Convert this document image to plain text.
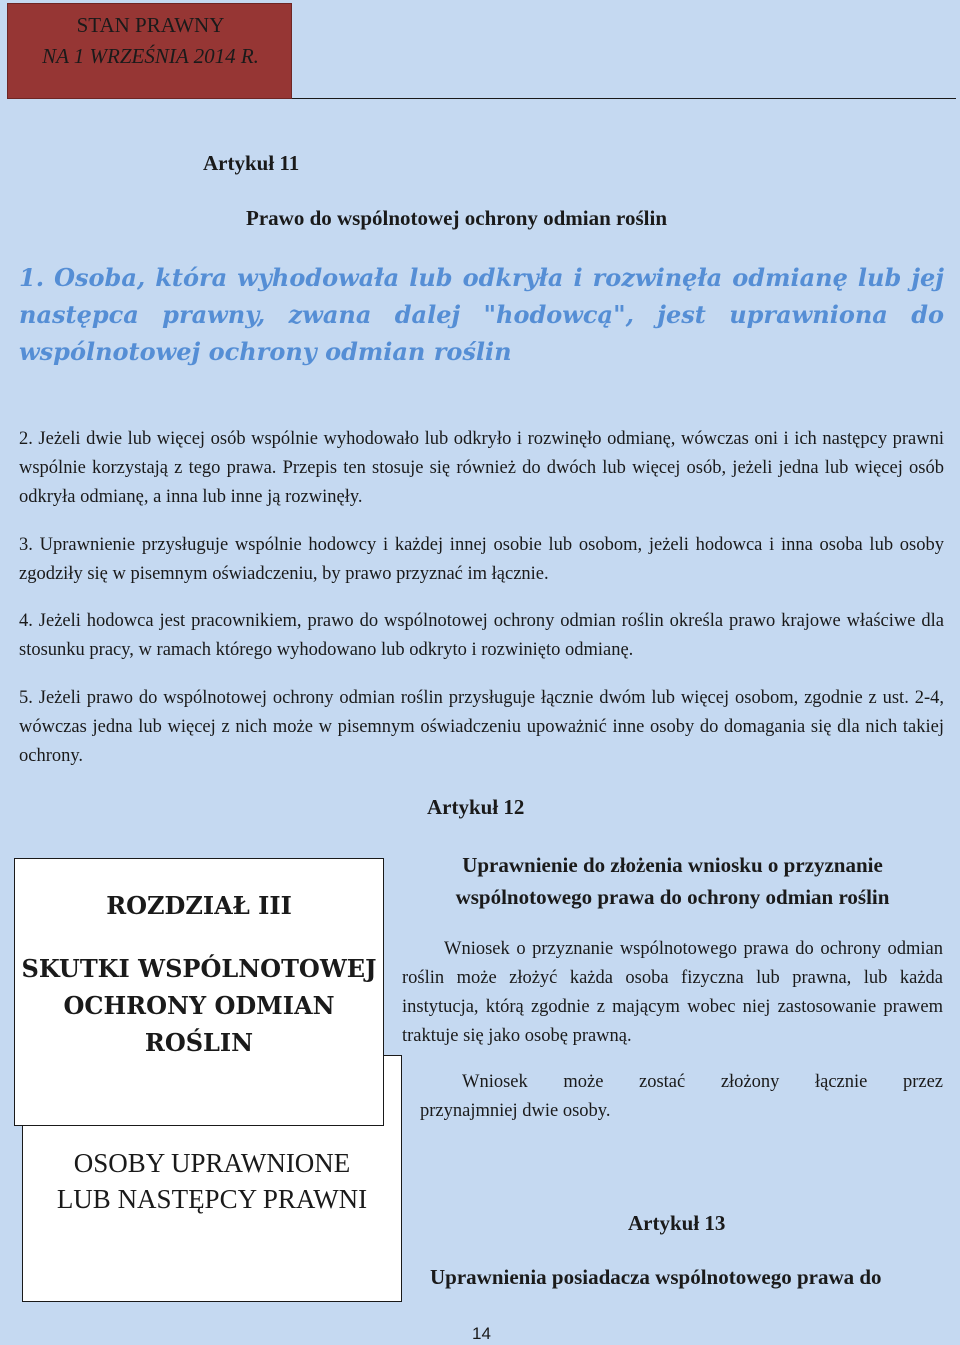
STAN PRAWNY
NA 1 WRZEŚNIA 2014 R.
Artykuł 11
Prawo do wspólnotowej ochrony odmian roślin
1. Osoba, która wyhodowała lub odkryła i rozwinęła odmianę lub jej następca prawny, zwana dalej "hodowcą", jest uprawniona do wspólnotowej ochrony odmian roślin
2. Jeżeli dwie lub więcej osób wspólnie wyhodowało lub odkryło i rozwinęło odmianę, wówczas oni i ich następcy prawni wspólnie korzystają z tego prawa. Przepis ten stosuje się również do dwóch lub więcej osób, jeżeli jedna lub więcej osób odkryła odmianę, a inna lub inne ją rozwinęły.
3. Uprawnienie przysługuje wspólnie hodowcy i każdej innej osobie lub osobom, jeżeli hodowca i inna osoba lub osoby zgodziły się w pisemnym oświadczeniu, by prawo przyznać im łącznie.
4. Jeżeli hodowca jest pracownikiem, prawo do wspólnotowej ochrony odmian roślin określa prawo krajowe właściwe dla stosunku pracy, w ramach którego wyhodowano lub odkryto i rozwinięto odmianę.
5. Jeżeli prawo do wspólnotowej ochrony odmian roślin przysługuje łącznie dwóm lub więcej osobom, zgodnie z ust. 2-4, wówczas jedna lub więcej z nich może w pisemnym oświadczeniu upoważnić inne osoby do domagania się dla nich takiej ochrony.
Artykuł 12
Uprawnienie do złożenia wniosku o przyznanie
wspólnotowego prawa do ochrony odmian roślin
Wniosek o przyznanie wspólnotowego prawa do ochrony odmian roślin może złożyć każda osoba fizyczna lub prawna, lub każda instytucja, którą zgodnie z mającym wobec niej zastosowanie prawem traktuje się jako osobę prawną.
Wniosek może zostać złożony łącznie przez
przynajmniej dwie osoby.
Artykuł 13
Uprawnienia posiadacza wspólnotowego prawa do
OSOBY UPRAWNIONE
LUB NASTĘPCY PRAWNI
ROZDZIAŁ III
SKUTKI WSPÓLNOTOWEJ
OCHRONY ODMIAN
ROŚLIN
14
